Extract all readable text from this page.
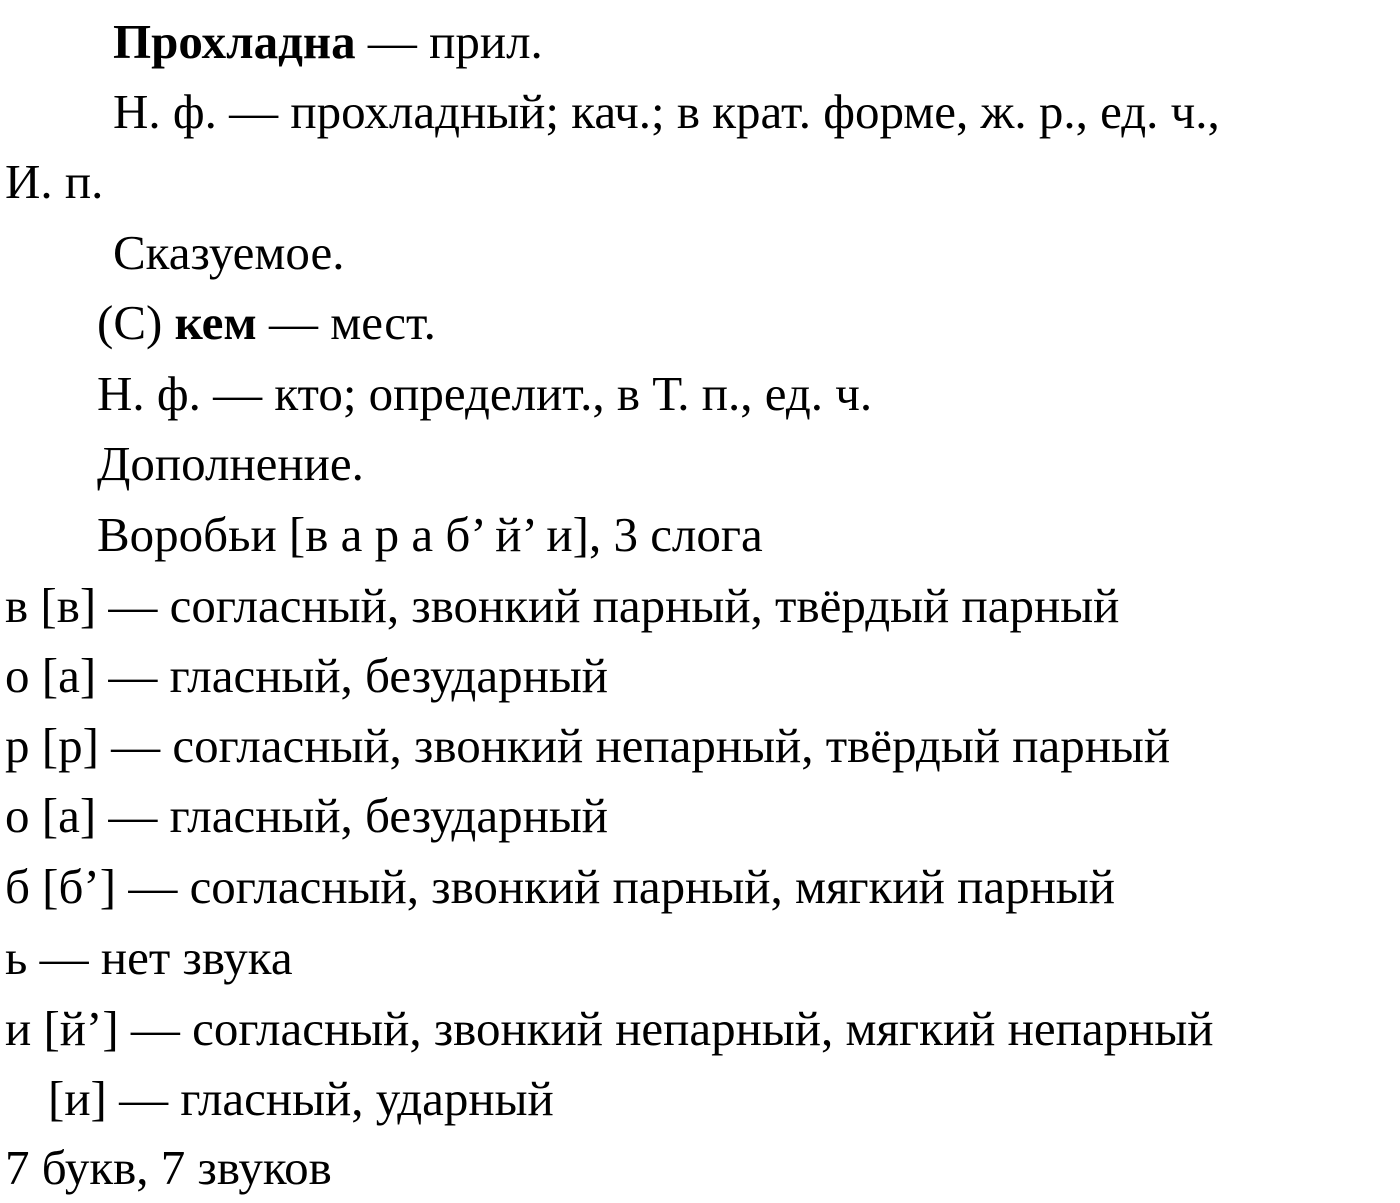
Прохладна — прил.
Н. ф. — прохладный; кач.; в крат. форме, ж. р., ед. ч.,
И. п.
Сказуемое.
(С) кем — мест.
Н. ф. — кто; определит., в Т. п., ед. ч.
Дополнение.
Воробьи [в а р а б’ й’ и], 3 слога
в [в] — согласный, звонкий парный, твёрдый парный
о [а] — гласный, безударный
р [р] — согласный, звонкий непарный, твёрдый парный
о [а] — гласный, безударный
б [б’] — согласный, звонкий парный, мягкий парный
ь — нет звука
и [й’] — согласный, звонкий непарный, мягкий непарный
[и] — гласный, ударный
7 букв, 7 звуков
